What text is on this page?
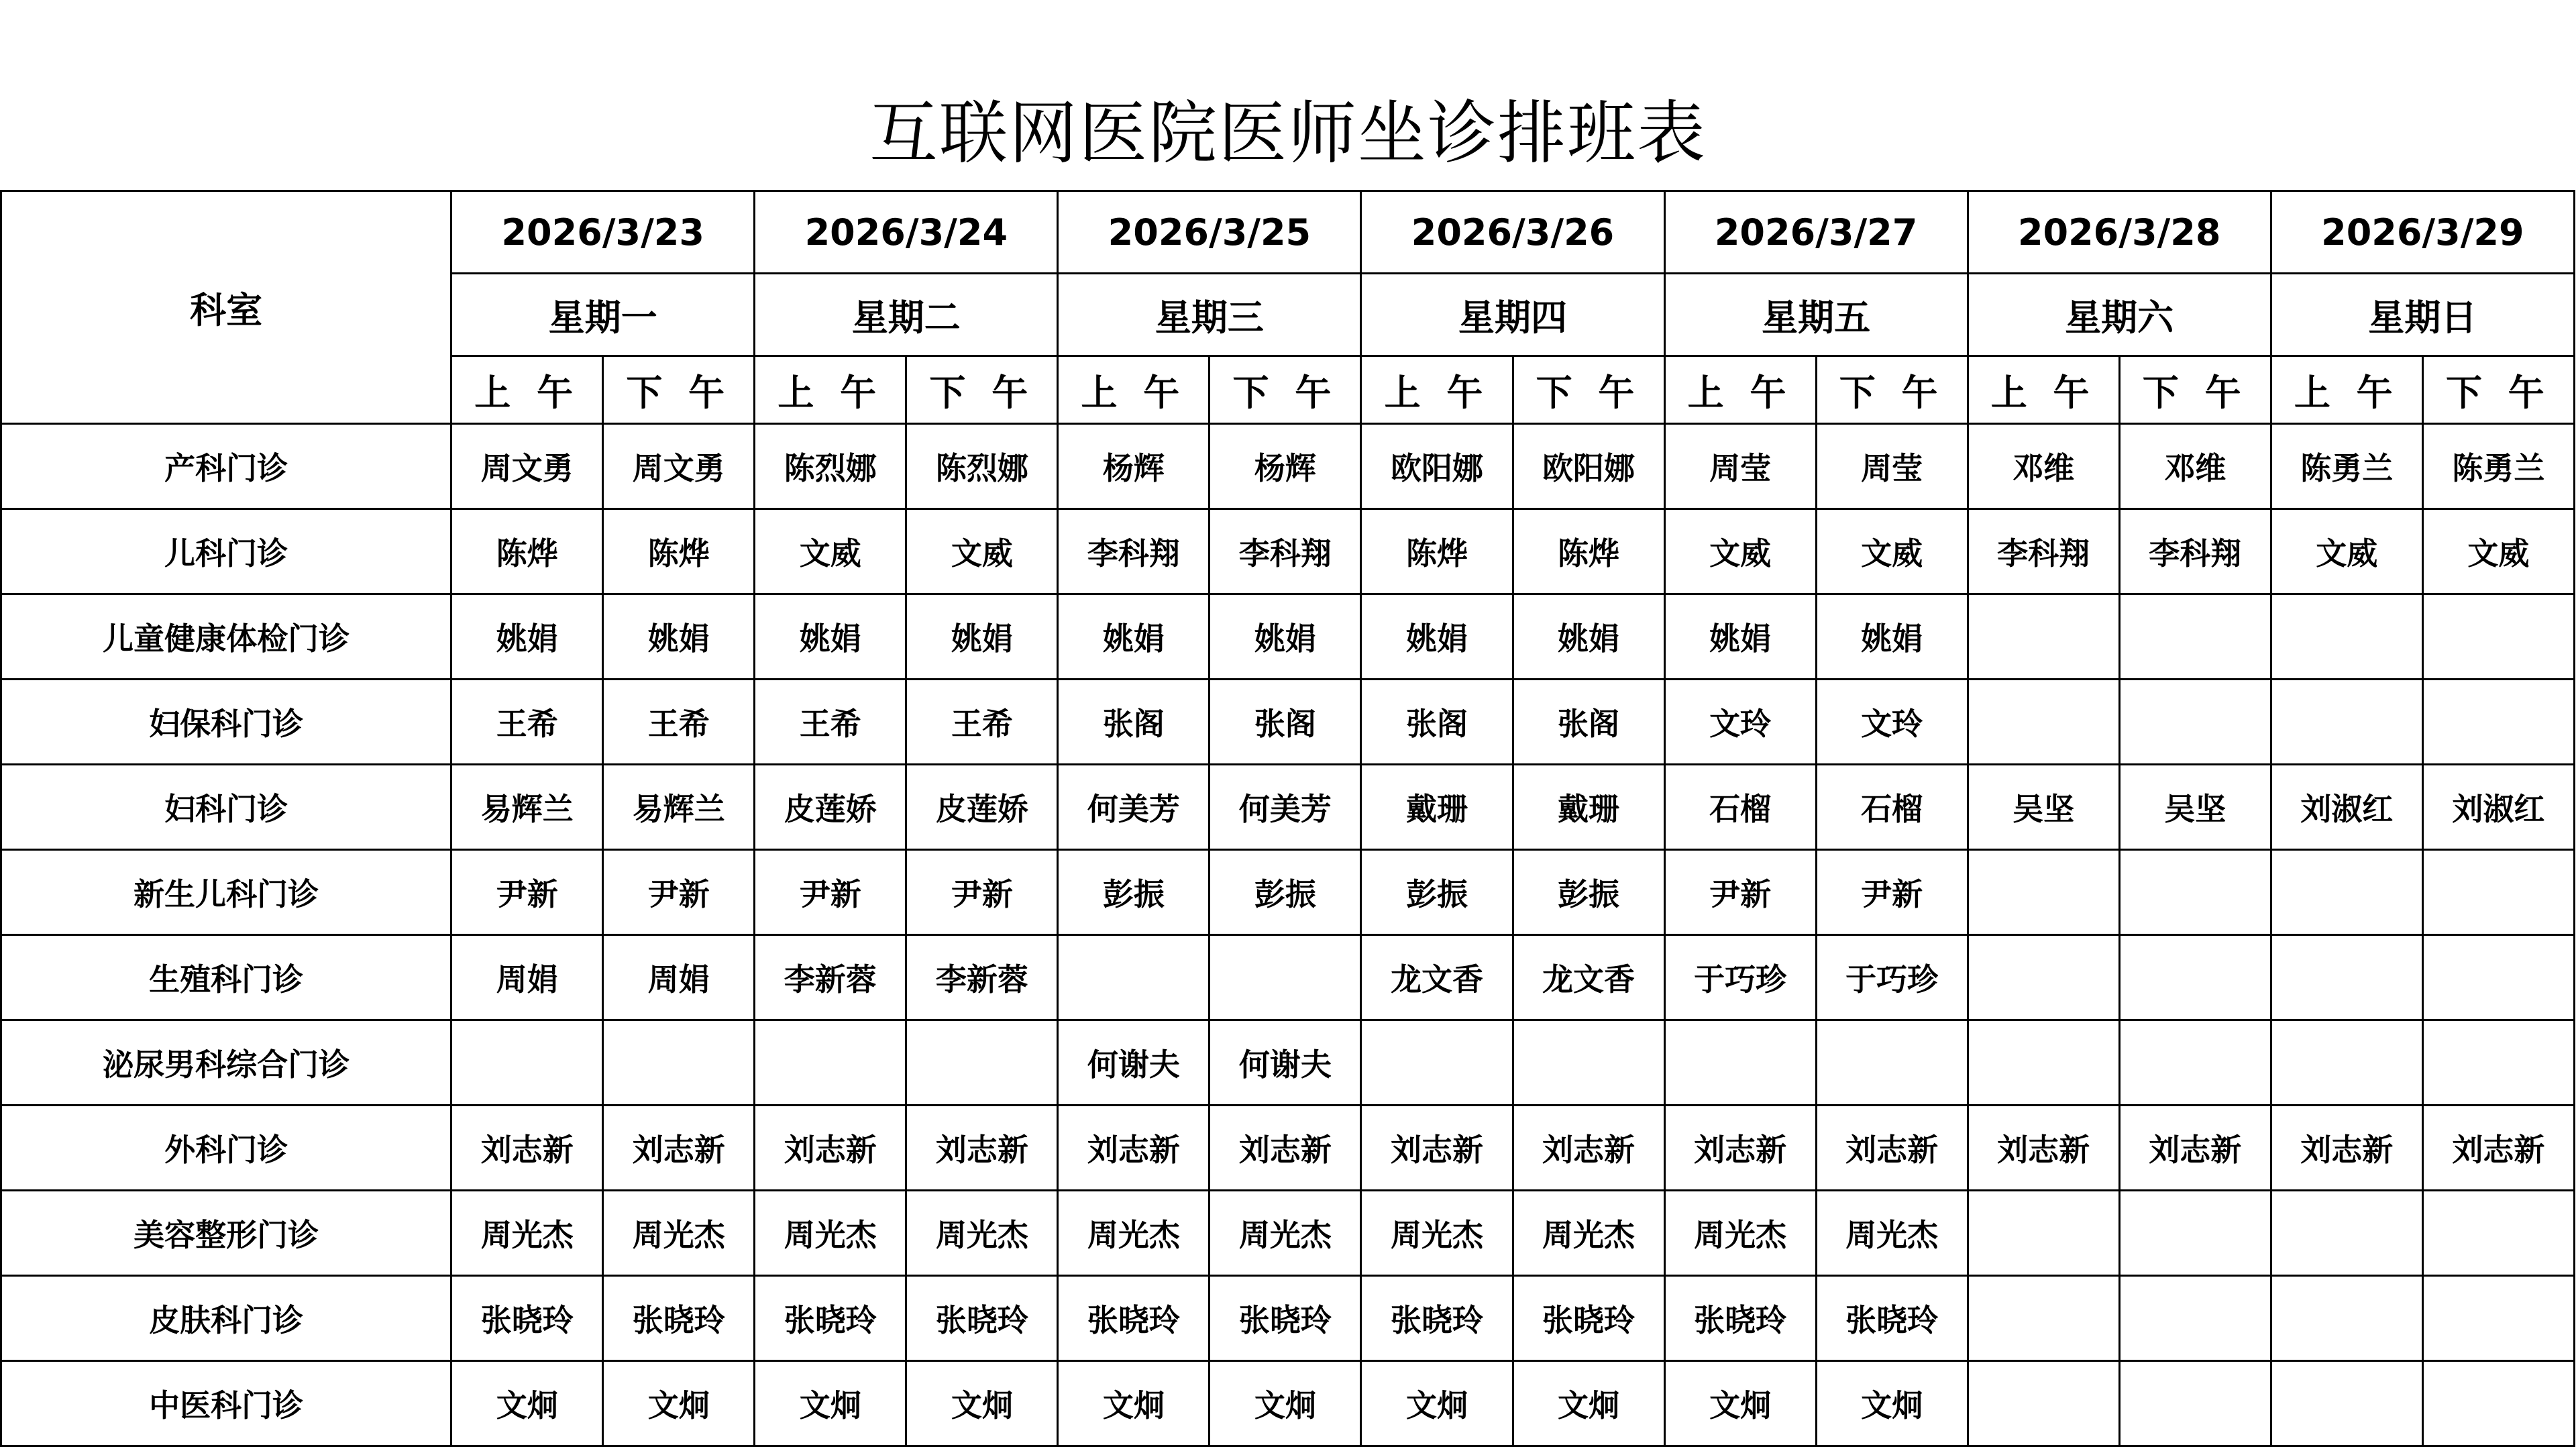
互联网医院医师坐诊排班表
科室	2026/3/23		2026/3/24		2026/3/25		2026/3/26		2026/3/27		2026/3/28		2026/3/29	
	星期一		星期二		星期三		星期四		星期五		星期六		星期日	
	上 午	下 午	上 午	下 午	上 午	下 午	上 午	下 午	上 午	下 午	上 午	下 午	上 午	下 午
产科门诊	周文勇	周文勇	陈烈娜	陈烈娜	杨辉	杨辉	欧阳娜	欧阳娜	周莹	周莹	邓维	邓维	陈勇兰	陈勇兰
儿科门诊	陈烨	陈烨	文威	文威	李科翔	李科翔	陈烨	陈烨	文威	文威	李科翔	李科翔	文威	文威
儿童健康体检门诊	姚娟	姚娟	姚娟	姚娟	姚娟	姚娟	姚娟	姚娟	姚娟	姚娟				
妇保科门诊	王希	王希	王希	王希	张阁	张阁	张阁	张阁	文玲	文玲				
妇科门诊	易辉兰	易辉兰	皮莲娇	皮莲娇	何美芳	何美芳	戴珊	戴珊	石榴	石榴	吴坚	吴坚	刘淑红	刘淑红
新生儿科门诊	尹新	尹新	尹新	尹新	彭振	彭振	彭振	彭振	尹新	尹新				
生殖科门诊	周娟	周娟	李新蓉	李新蓉			龙文香	龙文香	于巧珍	于巧珍				
泌尿男科综合门诊					何谢夫	何谢夫								
外科门诊	刘志新	刘志新	刘志新	刘志新	刘志新	刘志新	刘志新	刘志新	刘志新	刘志新	刘志新	刘志新	刘志新	刘志新
美容整形门诊	周光杰	周光杰	周光杰	周光杰	周光杰	周光杰	周光杰	周光杰	周光杰	周光杰				
皮肤科门诊	张晓玲	张晓玲	张晓玲	张晓玲	张晓玲	张晓玲	张晓玲	张晓玲	张晓玲	张晓玲				
中医科门诊	文炯	文炯	文炯	文炯	文炯	文炯	文炯	文炯	文炯	文炯				
